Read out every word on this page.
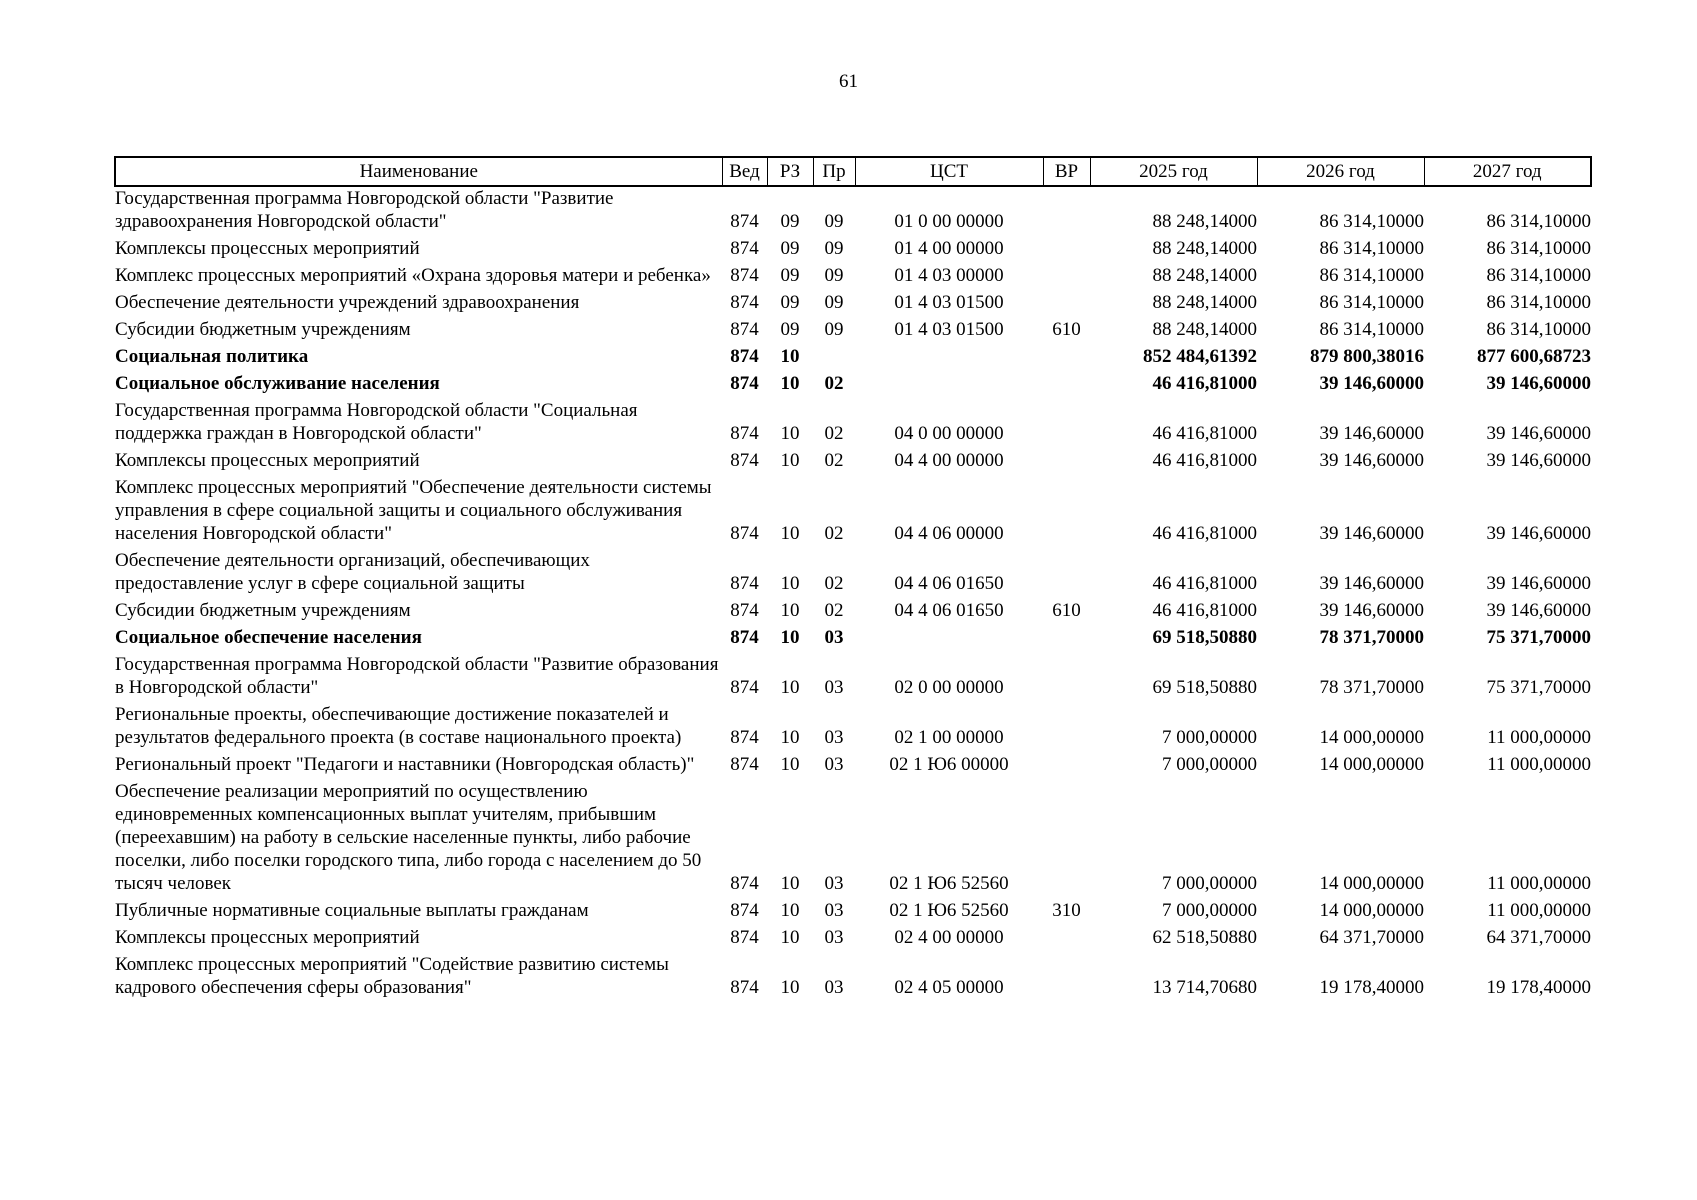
61
Наименование	Вед	РЗ	Пр	ЦСТ	ВР	2025 год	2026 год	2027 год
Государственная программа Новгородской области "Развитие здравоохранения Новгородской области"	874	09	09	01 0 00 00000		88 248,14000	86 314,10000	86 314,10000
Комплексы процессных мероприятий	874	09	09	01 4 00 00000		88 248,14000	86 314,10000	86 314,10000
Комплекс процессных мероприятий «Охрана здоровья матери и ребенка»	874	09	09	01 4 03 00000		88 248,14000	86 314,10000	86 314,10000
Обеспечение деятельности учреждений здравоохранения	874	09	09	01 4 03 01500		88 248,14000	86 314,10000	86 314,10000
Субсидии бюджетным учреждениям	874	09	09	01 4 03 01500	610	88 248,14000	86 314,10000	86 314,10000
Социальная политика	874	10				852 484,61392	879 800,38016	877 600,68723
Социальное обслуживание населения	874	10	02			46 416,81000	39 146,60000	39 146,60000
Государственная программа Новгородской области "Социальная поддержка граждан в Новгородской области"	874	10	02	04 0 00 00000		46 416,81000	39 146,60000	39 146,60000
Комплексы процессных мероприятий	874	10	02	04 4 00 00000		46 416,81000	39 146,60000	39 146,60000
Комплекс процессных мероприятий "Обеспечение деятельности системы управления в сфере социальной защиты и социального обслуживания населения Новгородской области"	874	10	02	04 4 06 00000		46 416,81000	39 146,60000	39 146,60000
Обеспечение деятельности организаций, обеспечивающих предоставление услуг в сфере социальной защиты	874	10	02	04 4 06 01650		46 416,81000	39 146,60000	39 146,60000
Субсидии бюджетным учреждениям	874	10	02	04 4 06 01650	610	46 416,81000	39 146,60000	39 146,60000
Социальное обеспечение населения	874	10	03			69 518,50880	78 371,70000	75 371,70000
Государственная программа Новгородской области "Развитие образования в Новгородской области"	874	10	03	02 0 00 00000		69 518,50880	78 371,70000	75 371,70000
Региональные проекты, обеспечивающие достижение показателей и результатов федерального проекта (в составе национального проекта)	874	10	03	02 1 00 00000		7 000,00000	14 000,00000	11 000,00000
Региональный проект "Педагоги и наставники (Новгородская область)"	874	10	03	02 1 Ю6 00000		7 000,00000	14 000,00000	11 000,00000
Обеспечение реализации мероприятий по осуществлению единовременных компенсационных выплат учителям, прибывшим (переехавшим) на работу в сельские населенные пункты, либо рабочие поселки, либо поселки городского типа, либо города с населением до 50 тысяч человек	874	10	03	02 1 Ю6 52560		7 000,00000	14 000,00000	11 000,00000
Публичные нормативные социальные выплаты гражданам	874	10	03	02 1 Ю6 52560	310	7 000,00000	14 000,00000	11 000,00000
Комплексы процессных мероприятий	874	10	03	02 4 00 00000		62 518,50880	64 371,70000	64 371,70000
Комплекс процессных мероприятий "Содействие развитию системы кадрового обеспечения сферы образования"	874	10	03	02 4 05 00000		13 714,70680	19 178,40000	19 178,40000
